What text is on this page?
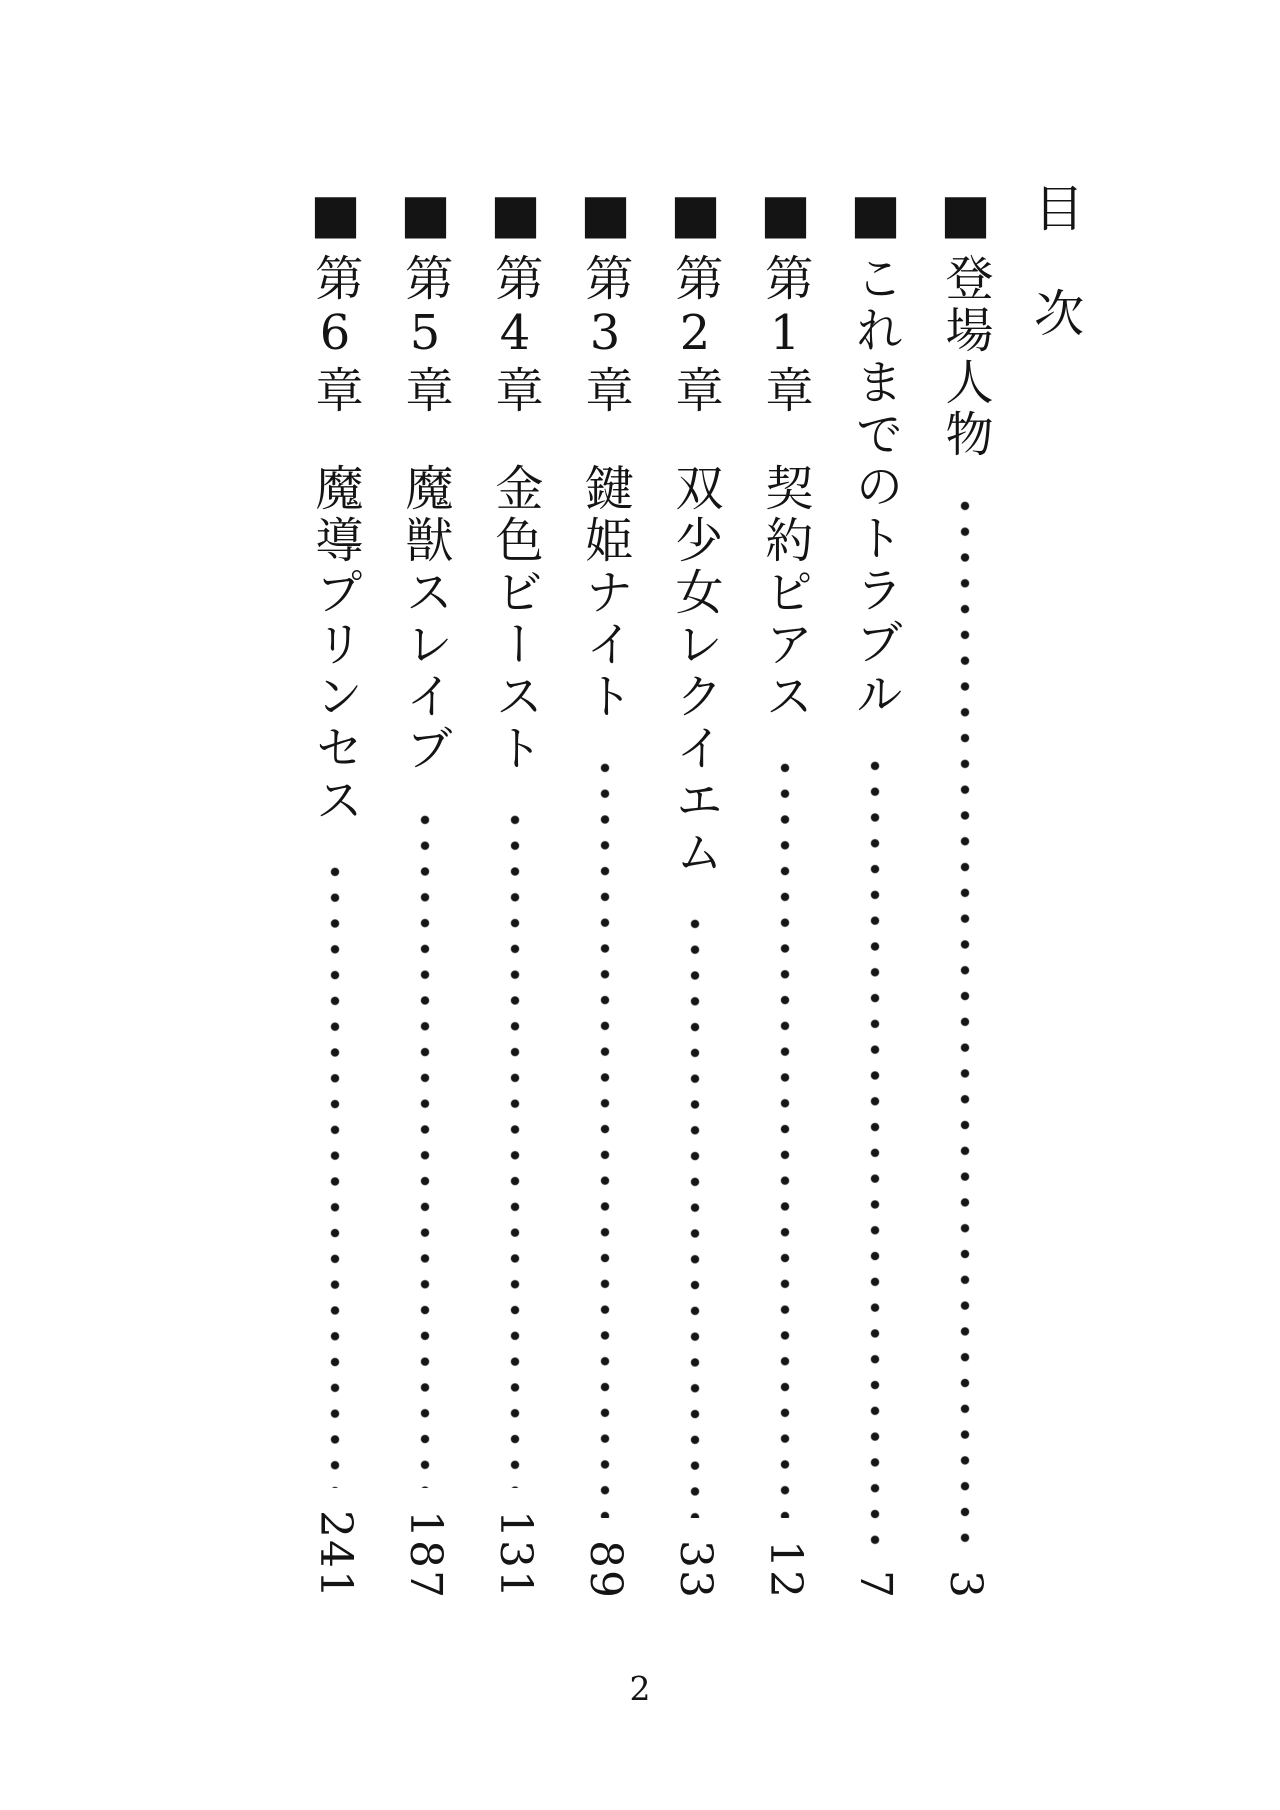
目次
■
登場人物
3
■
これまでのトラブル
7
■
第1章
契約ピアス
12
■
第2章
双少女レクイエム
33
■
第3章
鍵姫ナイト
89
■
第4章
金色ビースト
131
■
第5章
魔獣スレイブ
187
■
第6章
魔導プリンセス
241
2
